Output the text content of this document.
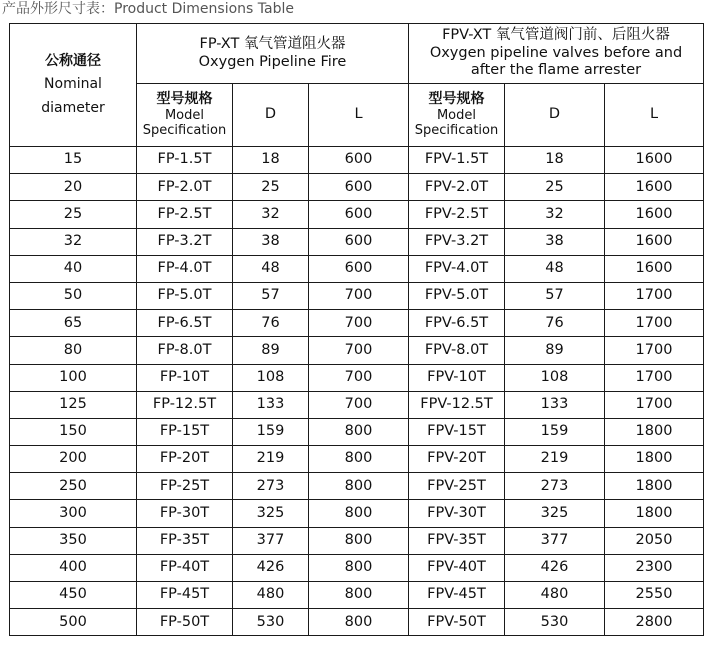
产品外形尺寸表：Product Dimensions Table
公称通径
Nominal
diameter	FP-XT 氧气管道阻火器
Oxygen Pipeline Fire			FPV-XT 氧气管道阀门前、后阻火器
Oxygen pipeline valves before and
after the flame arrester		

	型号规格
Model
Specification	D	L	型号规格
Model
Specification	D	L
15	FP-1.5T	18	600	FPV-1.5T	18	1600
20	FP-2.0T	25	600	FPV-2.0T	25	1600
25	FP-2.5T	32	600	FPV-2.5T	32	1600
32	FP-3.2T	38	600	FPV-3.2T	38	1600
40	FP-4.0T	48	600	FPV-4.0T	48	1600
50	FP-5.0T	57	700	FPV-5.0T	57	1700
65	FP-6.5T	76	700	FPV-6.5T	76	1700
80	FP-8.0T	89	700	FPV-8.0T	89	1700
100	FP-10T	108	700	FPV-10T	108	1700
125	FP-12.5T	133	700	FPV-12.5T	133	1700
150	FP-15T	159	800	FPV-15T	159	1800
200	FP-20T	219	800	FPV-20T	219	1800
250	FP-25T	273	800	FPV-25T	273	1800
300	FP-30T	325	800	FPV-30T	325	1800
350	FP-35T	377	800	FPV-35T	377	2050
400	FP-40T	426	800	FPV-40T	426	2300
450	FP-45T	480	800	FPV-45T	480	2550
500	FP-50T	530	800	FPV-50T	530	2800
